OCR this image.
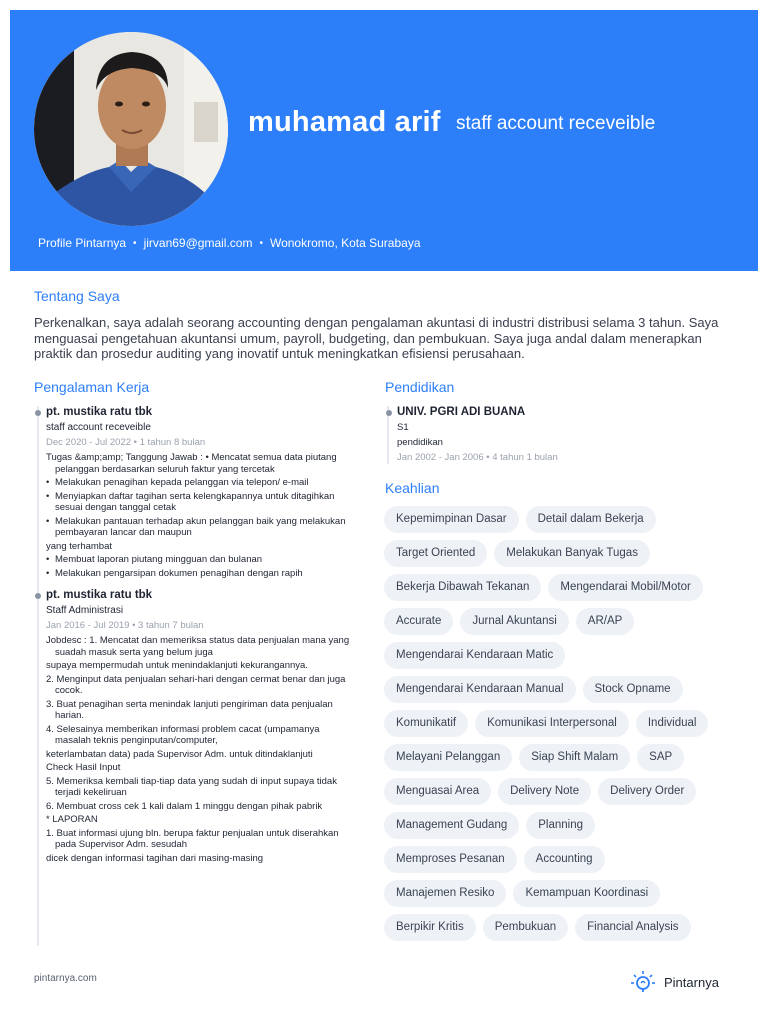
muhamad arif staff account receveible
Profile Pintarnya • jirvan69@gmail.com • Wonokromo, Kota Surabaya
Tentang Saya
Perkenalkan, saya adalah seorang accounting dengan pengalaman akuntasi di industri distribusi selama 3 tahun. Saya menguasai pengetahuan akuntansi umum, payroll, budgeting, dan pembukuan. Saya juga andal dalam menerapkan praktik dan prosedur auditing yang inovatif untuk meningkatkan efisiensi perusahaan.
Pengalaman Kerja
pt. mustika ratu tbk
staff account receveible
Dec 2020 - Jul 2022 • 1 tahun 8 bulan

Tugas &amp;amp; Tanggung Jawab : • Mencatat semua data piutang pelanggan berdasarkan seluruh faktur yang tercetak

• Melakukan penagihan kepada pelanggan via telepon/ e-mail

• Menyiapkan daftar tagihan serta kelengkapannya untuk ditagihkan sesuai dengan tanggal cetak

• Melakukan pantauan terhadap akun pelanggan baik yang melakukan pembayaran lancar dan maupun

yang terhambat

• Membuat laporan piutang mingguan dan bulanan

• Melakukan pengarsipan dokumen penagihan dengan rapih

pt. mustika ratu tbk
Staff Administrasi
Jan 2016 - Jul 2019 • 3 tahun 7 bulan

Jobdesc : 1. Mencatat dan memeriksa status data penjualan mana yang suadah masuk serta yang belum juga

supaya mempermudah untuk menindaklanjuti kekurangannya.

2. Menginput data penjualan sehari-hari dengan cermat benar dan juga cocok.

3. Buat penagihan serta menindak lanjuti pengiriman data penjualan harian.

4. Selesainya memberikan informasi problem cacat (umpamanya masalah teknis penginputan/computer,

keterlambatan data) pada Supervisor Adm. untuk ditindaklanjuti

Check Hasil Input

5. Memeriksa kembali tiap-tiap data yang sudah di input supaya tidak terjadi kekeliruan

6. Membuat cross cek 1 kali dalam 1 minggu dengan pihak pabrik

* LAPORAN

1. Buat informasi ujung bln. berupa faktur penjualan untuk diserahkan pada Supervisor Adm. sesudah

dicek dengan informasi tagihan dari masing-masing

Pendidikan
UNIV. PGRI ADI BUANA
S1
pendidikan
Jan 2002 - Jan 2006 • 4 tahun 1 bulan
Keahlian
Kepemimpinan Dasar	Detail dalam Bekerja
Target Oriented	Melakukan Banyak Tugas
Bekerja Dibawah Tekanan	Mengendarai Mobil/Motor
Accurate	Jurnal Akuntansi	AR/AP
Mengendarai Kendaraan Matic
Mengendarai Kendaraan Manual	Stock Opname
Komunikatif	Komunikasi Interpersonal	Individual
Melayani Pelanggan	Siap Shift Malam	SAP
Menguasai Area	Delivery Note	Delivery Order
Management Gudang	Planning
Memproses Pesanan	Accounting
Manajemen Resiko	Kemampuan Koordinasi
Berpikir Kritis	Pembukuan	Financial Analysis
pintarnya.com	Pintarnya
